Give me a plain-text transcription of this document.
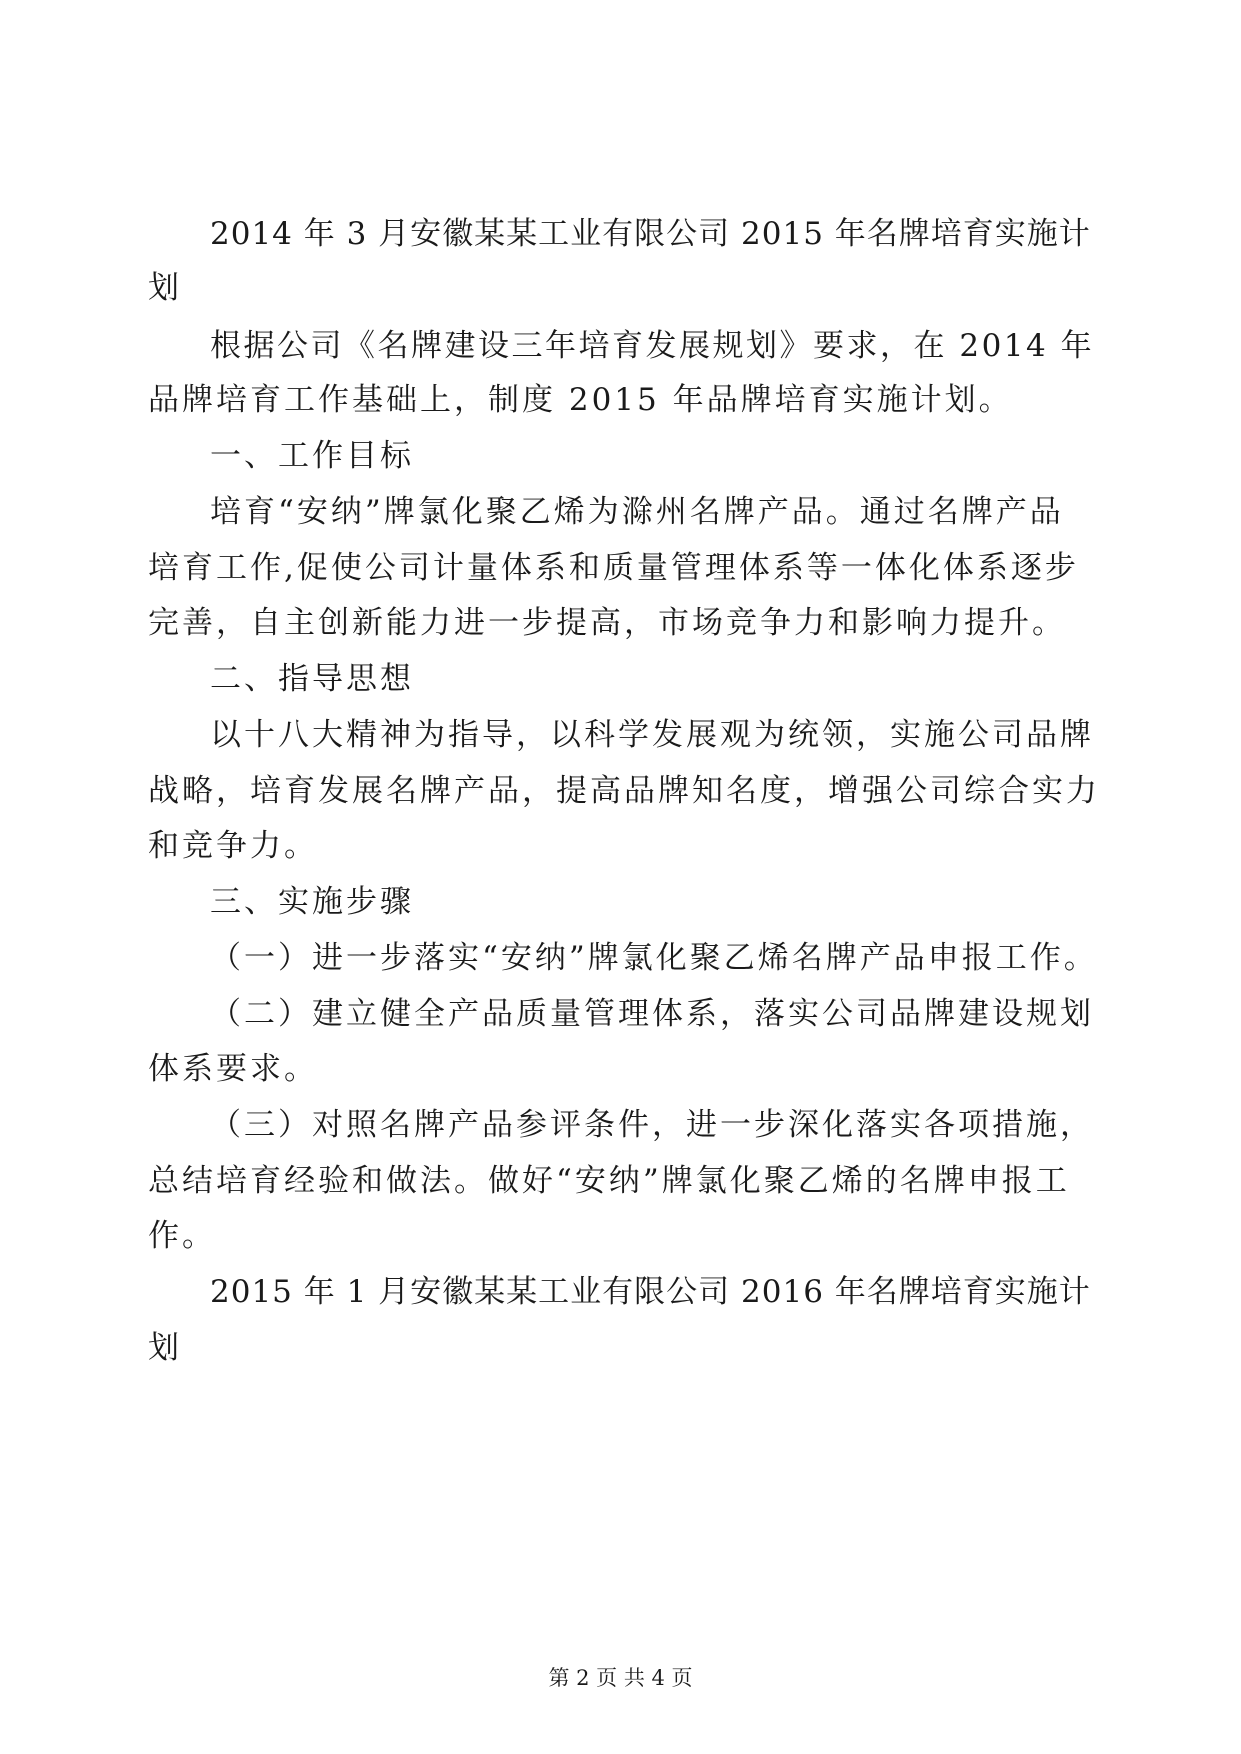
2014 年 3 月安徽某某工业有限公司 2015 年名牌培育实施计
划
根据公司《名牌建设三年培育发展规划》要求，在 2014 年
品牌培育工作基础上，制度 2015 年品牌培育实施计划。
一、工作目标
培育“安纳”牌氯化聚乙烯为滁州名牌产品。通过名牌产品
培育工作,促使公司计量体系和质量管理体系等一体化体系逐步
完善，自主创新能力进一步提高，市场竞争力和影响力提升。
二、指导思想
以十八大精神为指导，以科学发展观为统领，实施公司品牌
战略，培育发展名牌产品，提高品牌知名度，增强公司综合实力
和竞争力。
三、实施步骤
（一）进一步落实“安纳”牌氯化聚乙烯名牌产品申报工作。
（二）建立健全产品质量管理体系，落实公司品牌建设规划
体系要求。
（三）对照名牌产品参评条件，进一步深化落实各项措施，
总结培育经验和做法。做好“安纳”牌氯化聚乙烯的名牌申报工
作。
2015 年 1 月安徽某某工业有限公司 2016 年名牌培育实施计
划
第 2 页 共 4 页
